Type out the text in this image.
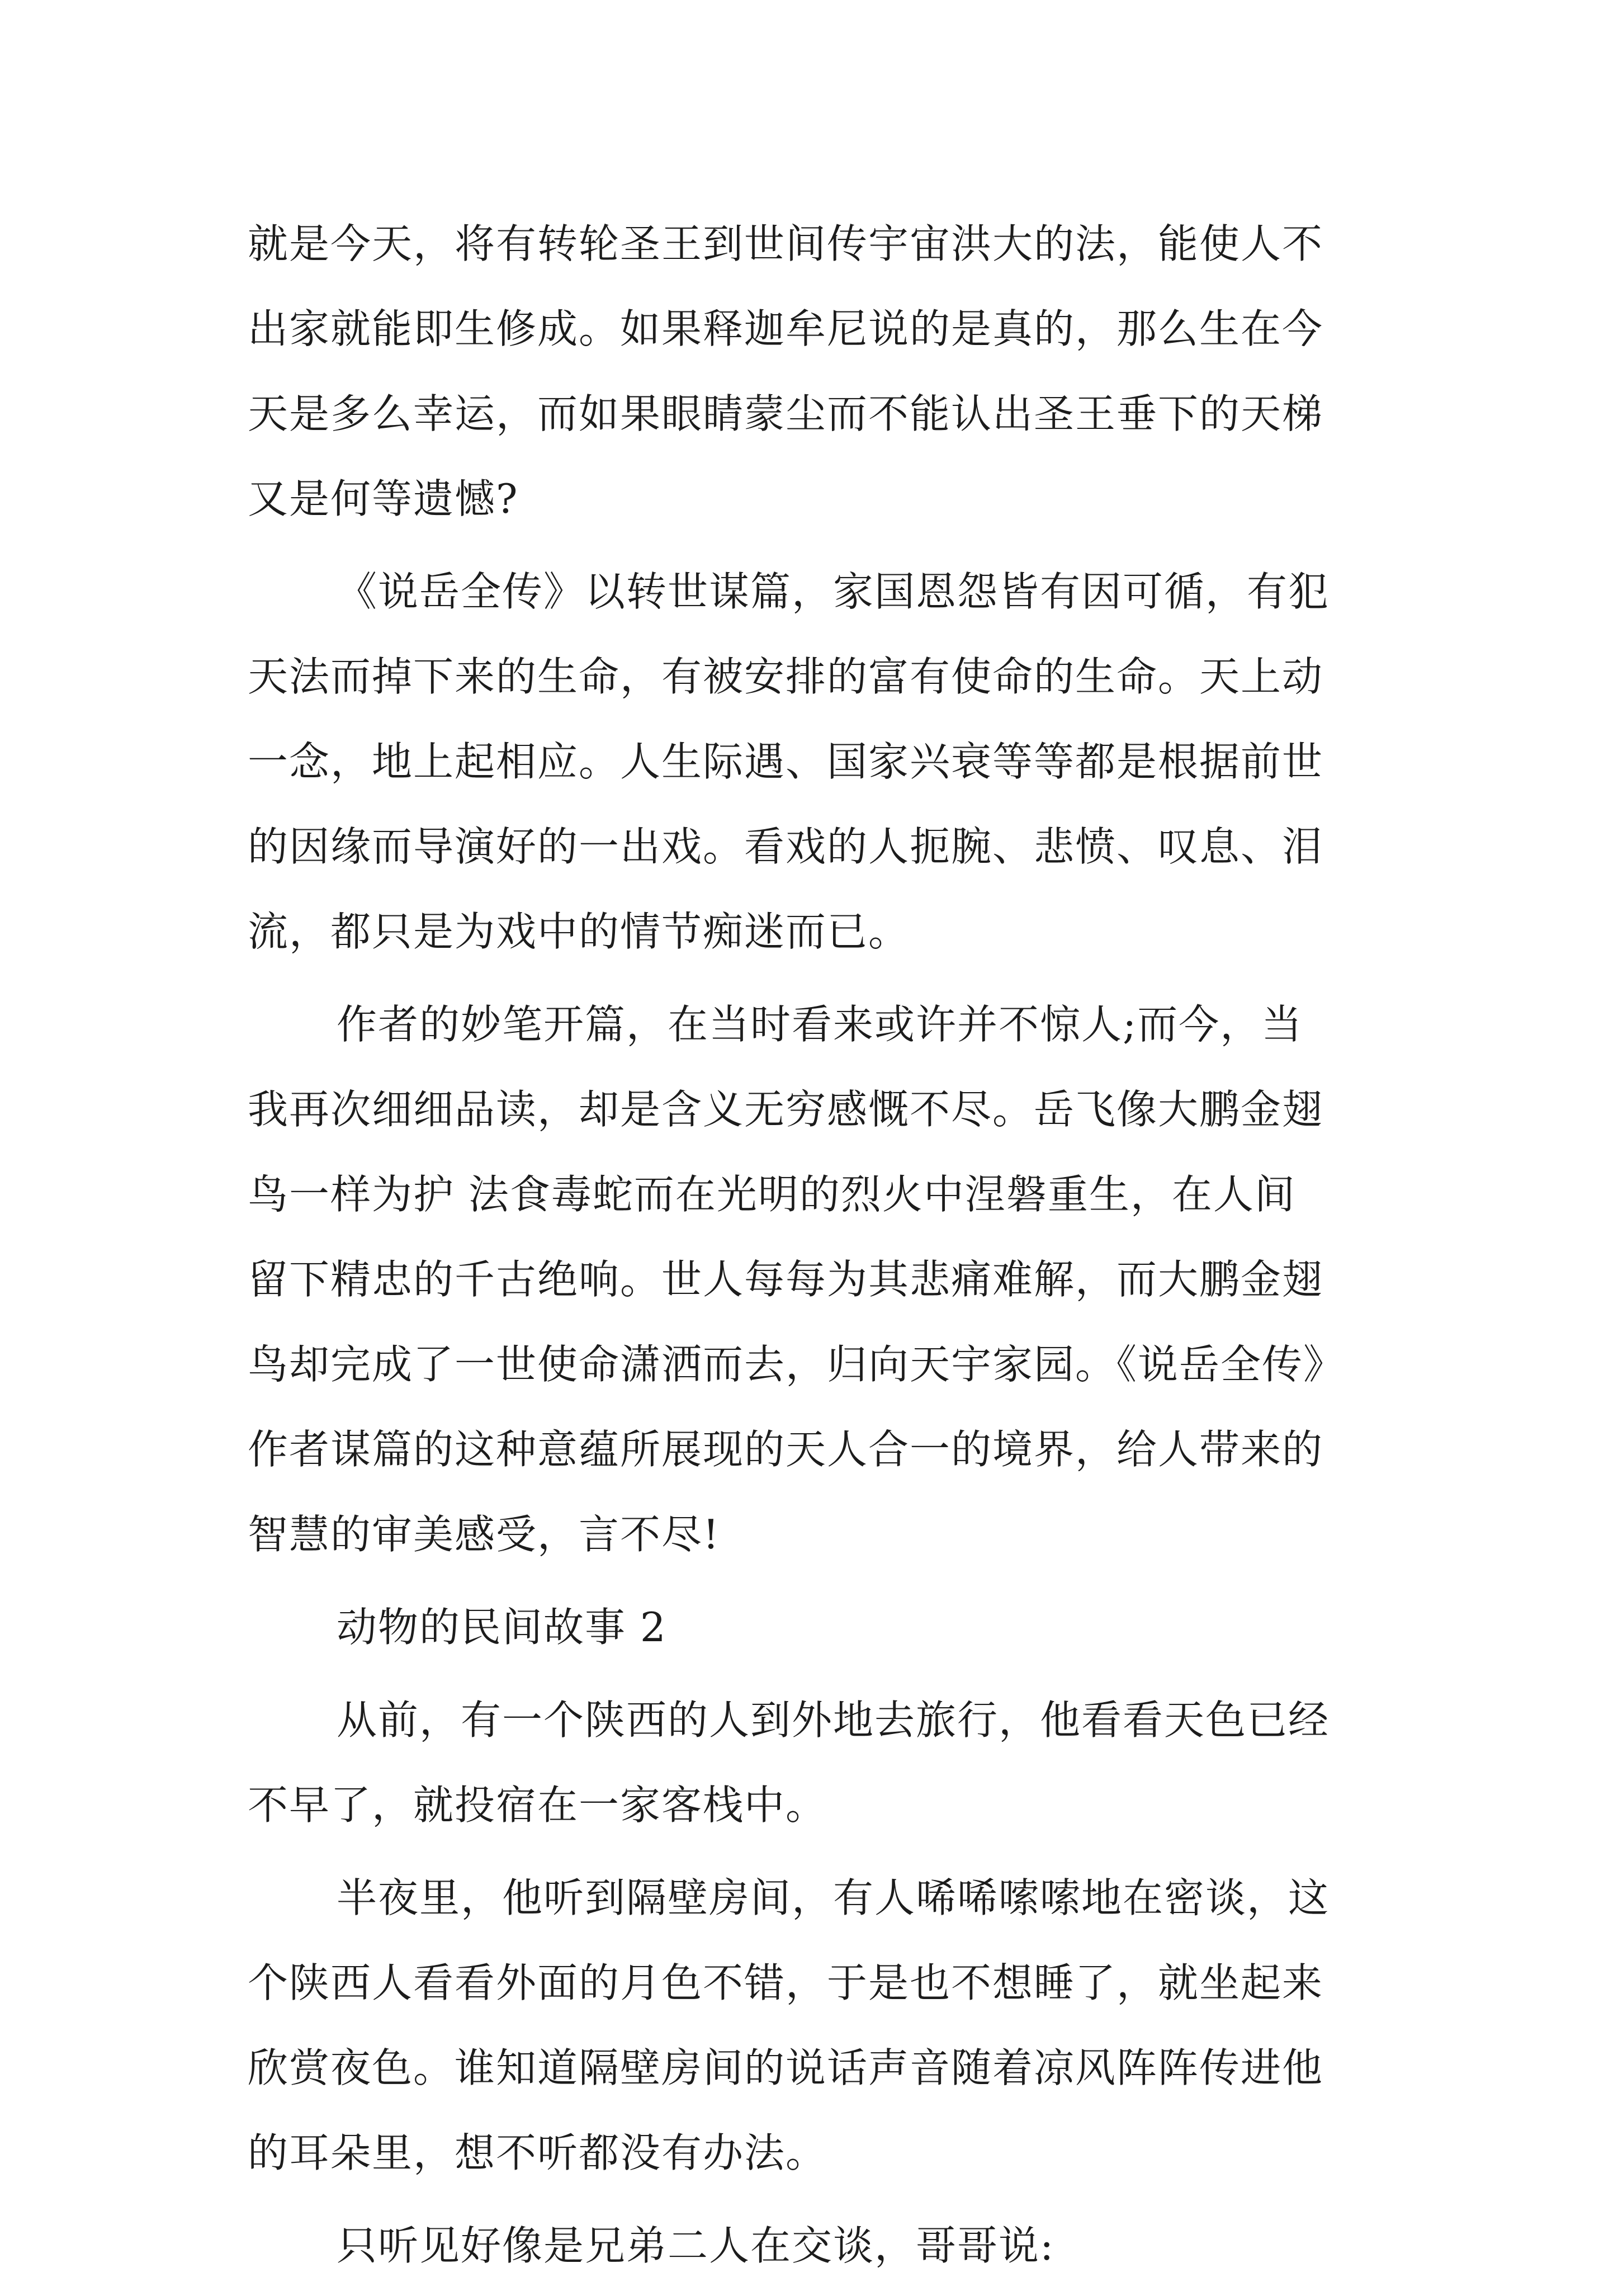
就是今天，将有转轮圣王到世间传宇宙洪大的法，能使人不
出家就能即生修成。如果释迦牟尼说的是真的，那么生在今
天是多么幸运，而如果眼睛蒙尘而不能认出圣王垂下的天梯
又是何等遗憾?
《说岳全传》以转世谋篇，家国恩怨皆有因可循，有犯
天法而掉下来的生命，有被安排的富有使命的生命。天上动
一念，地上起相应。人生际遇、国家兴衰等等都是根据前世
的因缘而导演好的一出戏。看戏的人扼腕、悲愤、叹息、泪
流，都只是为戏中的情节痴迷而已。
作者的妙笔开篇，在当时看来或许并不惊人;而今，当
我再次细细品读，却是含义无穷感慨不尽。岳飞像大鹏金翅
鸟一样为护 法食毒蛇而在光明的烈火中涅磐重生，在人间
留下精忠的千古绝响。世人每每为其悲痛难解，而大鹏金翅
鸟却完成了一世使命潇洒而去，归向天宇家园。《说岳全传》
作者谋篇的这种意蕴所展现的天人合一的境界，给人带来的
智慧的审美感受，言不尽!
动物的民间故事 2
从前，有一个陕西的人到外地去旅行，他看看天色已经
不早了，就投宿在一家客栈中。
半夜里，他听到隔壁房间，有人唏唏嗦嗦地在密谈，这
个陕西人看看外面的月色不错，于是也不想睡了，就坐起来
欣赏夜色。谁知道隔壁房间的说话声音随着凉风阵阵传进他
的耳朵里，想不听都没有办法。
只听见好像是兄弟二人在交谈，哥哥说:
